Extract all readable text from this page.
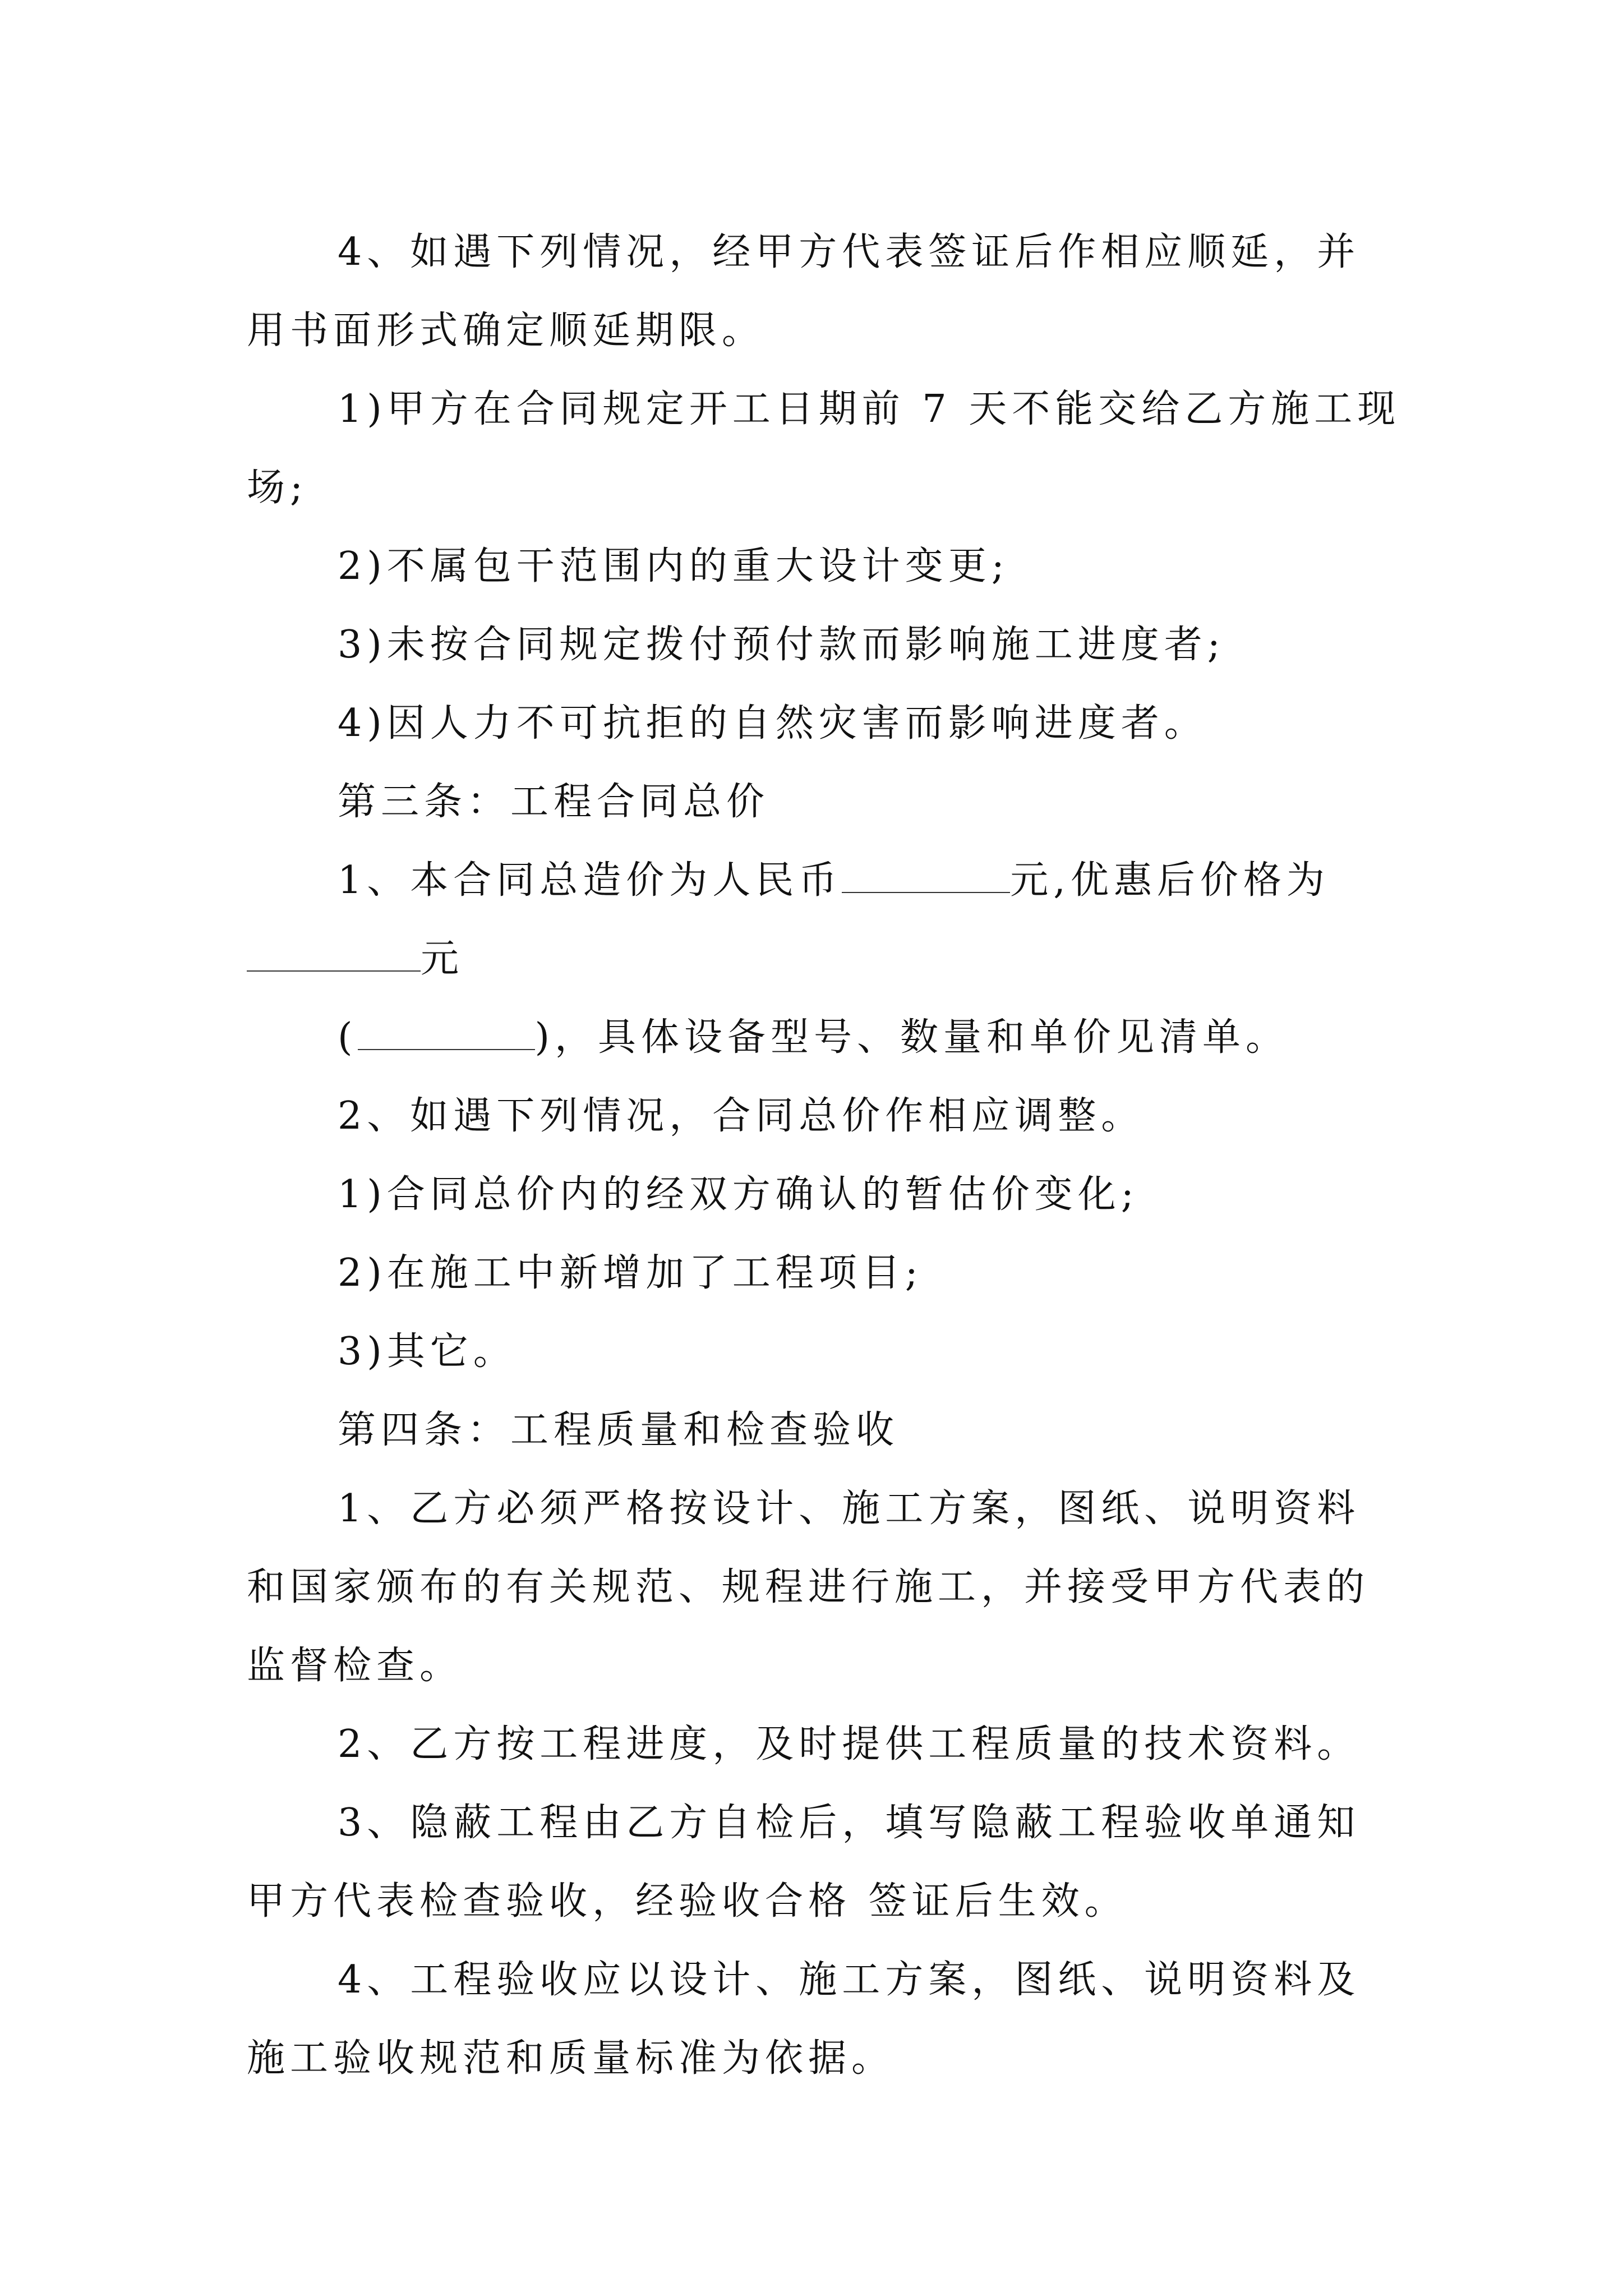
4、如遇下列情况，经甲方代表签证后作相应顺延，并
用书面形式确定顺延期限。
1)甲方在合同规定开工日期前 7 天不能交给乙方施工现
场;
2)不属包干范围内的重大设计变更;
3)未按合同规定拨付预付款而影响施工进度者;
4)因人力不可抗拒的自然灾害而影响进度者。
第三条：工程合同总价
1、本合同总造价为人民币	元,优惠后价格为
元
(	)，具体设备型号、数量和单价见清单。
2、如遇下列情况，合同总价作相应调整。
1)合同总价内的经双方确认的暂估价变化;
2)在施工中新增加了工程项目;
3)其它。
第四条：工程质量和检查验收
1、乙方必须严格按设计、施工方案，图纸、说明资料
和国家颁布的有关规范、规程进行施工，并接受甲方代表的
监督检查。
2、乙方按工程进度，及时提供工程质量的技术资料。
3、隐蔽工程由乙方自检后，填写隐蔽工程验收单通知
甲方代表检查验收，经验收合格 签证后生效。
4、工程验收应以设计、施工方案，图纸、说明资料及
施工验收规范和质量标准为依据。
